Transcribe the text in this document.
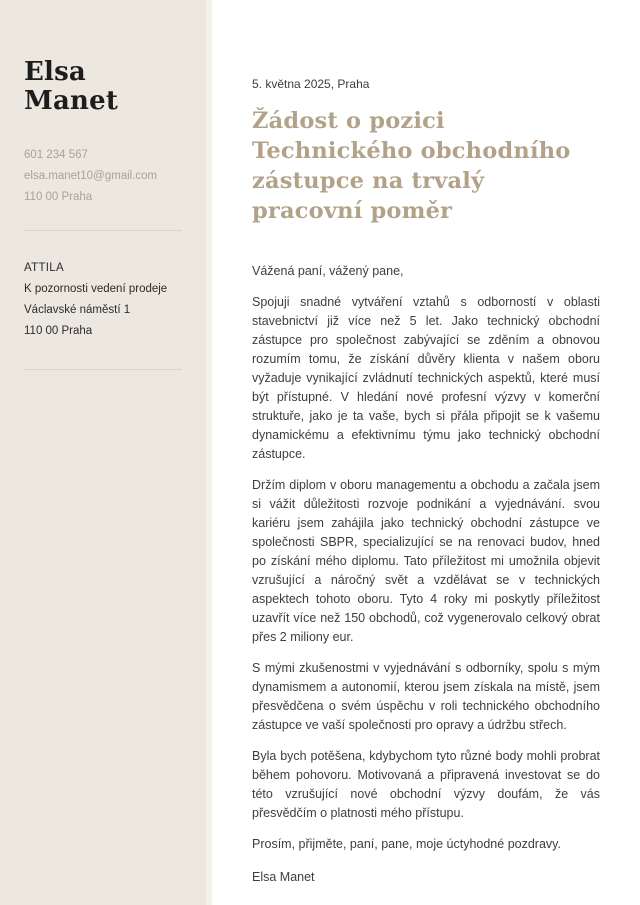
Elsa Manet
601 234 567
elsa.manet10@gmail.com
110 00 Praha
ATTILA
K pozornosti vedení prodeje
Václavské náměstí 1
110 00 Praha
5. května 2025, Praha
Žádost o pozici Technického obchodního
zástupce na trvalý pracovní poměr

Vážená paní, vážený pane,

Spojuji snadné vytváření vztahů s odborností v oblasti stavebnictví již více než 5 let. Jako technický obchodní zástupce pro společnost zabývající se zděním a obnovou rozumím tomu, že získání důvěry klienta v našem oboru vyžaduje vynikající zvládnutí technických aspektů, které musí být přístupné. V hledání nové profesní výzvy v komerční struktuře, jako je ta vaše, bych si přála připojit se k vašemu dynamickému a efektivnímu týmu jako technický obchodní zástupce.

Držím diplom v oboru managementu a obchodu a začala jsem si vážit důležitosti rozvoje podnikání a vyjednávání. svou kariéru jsem zahájila jako technický obchodní zástupce ve společnosti SBPR, specializující se na renovaci budov, hned po získání mého diplomu. Tato příležitost mi umožnila objevit vzrušující a náročný svět a vzdělávat se v technických aspektech tohoto oboru. Tyto 4 roky mi poskytly příležitost uzavřít více než 150 obchodů, což vygenerovalo celkový obrat přes 2 miliony eur.

S mými zkušenostmi v vyjednávání s odborníky, spolu s mým dynamismem a autonomií, kterou jsem získala na místě, jsem přesvědčena o svém úspěchu v roli technického obchodního zástupce ve vaší společnosti pro opravy a údržbu střech.

Byla bych potěšena, kdybychom tyto různé body mohli probrat během pohovoru. Motivovaná a připravená investovat se do této vzrušující nové obchodní výzvy doufám, že vás přesvědčím o platnosti mého přístupu.

Prosím, přijměte, paní, pane, moje úctyhodné pozdravy.

Elsa Manet
